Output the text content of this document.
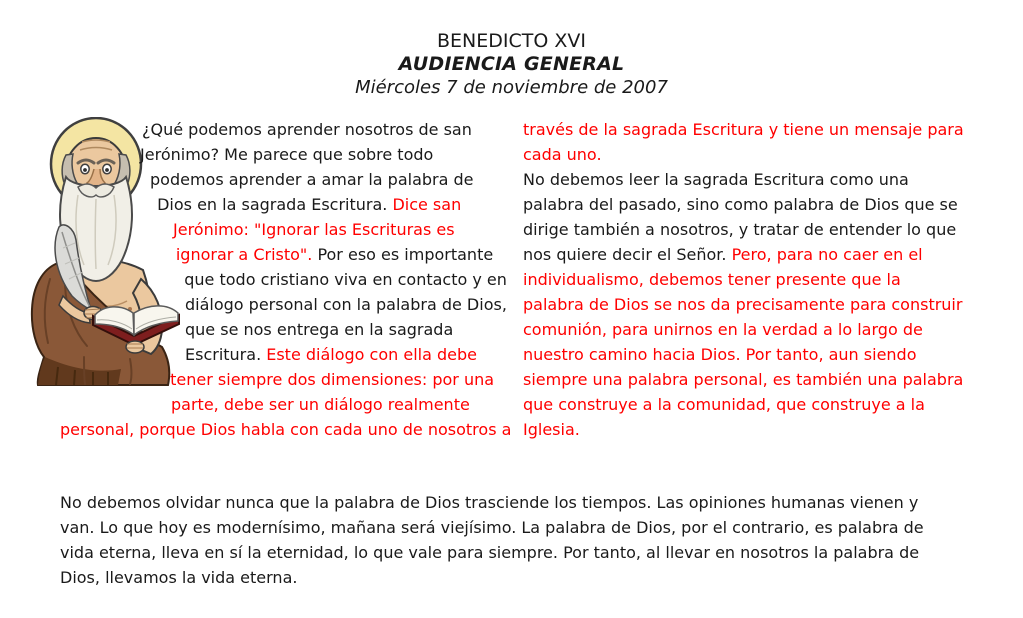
BENEDICTO XVI
AUDIENCIA GENERAL
Miércoles 7 de noviembre de 2007

¿Qué podemos aprender nosotros de san Jerónimo? Me parece que sobre todo podemos aprender a amar la palabra de Dios en la sagrada Escritura. Dice san Jerónimo: "Ignorar las Escrituras es ignorar a Cristo". Por eso es importante que todo cristiano viva en contacto y en diálogo personal con la palabra de Dios, que se nos entrega en la sagrada Escritura. Este diálogo con ella debe tener siempre dos dimensiones: por una parte, debe ser un diálogo realmente personal, porque Dios habla con cada uno de nosotros a

través de la sagrada Escritura y tiene un mensaje para cada uno.

No debemos leer la sagrada Escritura como una palabra del pasado, sino como palabra de Dios que se dirige también a nosotros, y tratar de entender lo que nos quiere decir el Señor. Pero, para no caer en el individualismo, debemos tener presente que la palabra de Dios se nos da precisamente para construir comunión, para unirnos en la verdad a lo largo de nuestro camino hacia Dios. Por tanto, aun siendo siempre una palabra personal, es también una palabra que construye a la comunidad, que construye a la Iglesia.

No debemos olvidar nunca que la palabra de Dios trasciende los tiempos. Las opiniones humanas vienen y van. Lo que hoy es modernísimo, mañana será viejísimo. La palabra de Dios, por el contrario, es palabra de vida eterna, lleva en sí la eternidad, lo que vale para siempre. Por tanto, al llevar en nosotros la palabra de Dios, llevamos la vida eterna.
